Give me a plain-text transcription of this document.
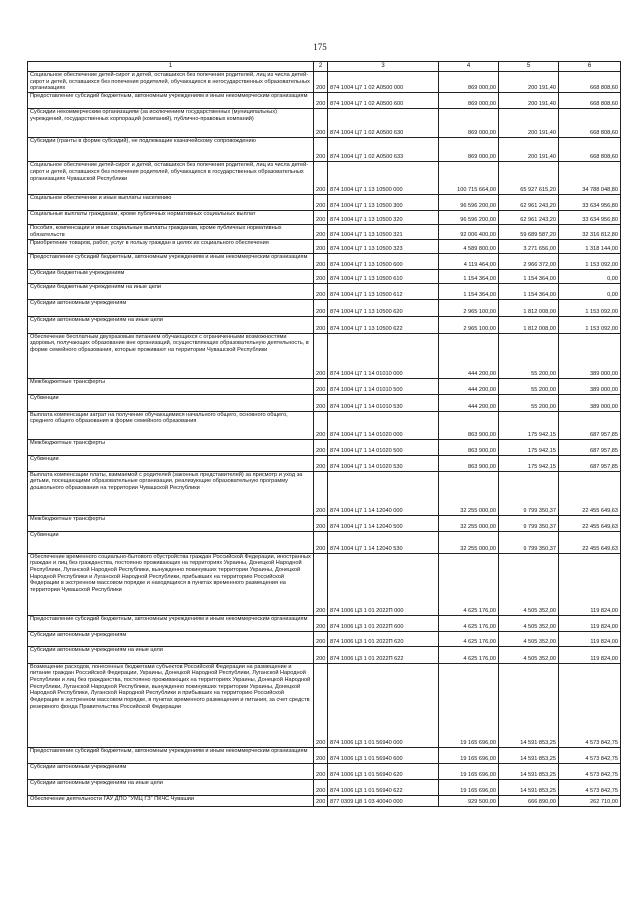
175
1	2	3	4	5	6
Социальное обеспечение детей-сирот и детей, оставшихся без попечения родителей, лиц из числа детей-сирот и детей, оставшихся без попечения родителей, обучающихся в негосударственных образовательных организациях	200	874 1004 Ц7 1 02 А0500 000	869 000,00	200 191,40	668 808,60
Предоставление субсидий бюджетным, автономным учреждениям и иным некоммерческим организациям	200	874 1004 Ц7 1 02 А0500 600	869 000,00	200 191,40	668 808,60
Субсидии некоммерческим организациям (за исключением государственных (муниципальных) учреждений, государственных корпораций (компаний), публично-правовых компаний)	200	874 1004 Ц7 1 02 А0500 630	869 000,00	200 191,40	668 808,60
Субсидии (гранты в форме субсидий), не подлежащие казначейскому сопровождению	200	874 1004 Ц7 1 02 А0500 633	869 000,00	200 191,40	668 808,60
Социальное обеспечение детей-сирот и детей, оставшихся без попечения родителей, лиц из числа детей-сирот и детей, оставшихся без попечения родителей, обучающихся в государственных образовательных организациях Чувашской Республики	200	874 1004 Ц7 1 13 10500 000	100 715 664,00	65 927 615,20	34 788 048,80
Социальное обеспечение и иные выплаты населению	200	874 1004 Ц7 1 13 10500 300	96 596 200,00	62 961 243,20	33 634 956,80
Социальные выплаты гражданам, кроме публичных нормативных социальных выплат	200	874 1004 Ц7 1 13 10500 320	96 596 200,00	62 961 243,20	33 634 956,80
Пособия, компенсации и иные социальные выплаты гражданам, кроме публичных нормативных обязательств	200	874 1004 Ц7 1 13 10500 321	92 006 400,00	59 689 587,20	32 316 812,80
Приобретение товаров, работ, услуг в пользу граждан в целях их социального обеспечения	200	874 1004 Ц7 1 13 10500 323	4 589 800,00	3 271 656,00	1 318 144,00
Предоставление субсидий бюджетным, автономным учреждениям и иным некоммерческим организациям	200	874 1004 Ц7 1 13 10500 600	4 119 464,00	2 966 372,00	1 153 092,00
Субсидии бюджетным учреждениям	200	874 1004 Ц7 1 13 10500 610	1 154 364,00	1 154 364,00	0,00
Субсидии бюджетным учреждениям на иные цели	200	874 1004 Ц7 1 13 10500 612	1 154 364,00	1 154 364,00	0,00
Субсидии автономным учреждениям	200	874 1004 Ц7 1 13 10500 620	2 965 100,00	1 812 008,00	1 153 092,00
Субсидии автономным учреждениям на иные цели	200	874 1004 Ц7 1 13 10500 622	2 965 100,00	1 812 008,00	1 153 092,00
Обеспечение бесплатным двухразовым питанием обучающихся с ограниченными возможностями здоровья, получающих образование вне организаций, осуществляющих образовательную деятельность, в форме семейного образования, которые проживают на территории Чувашской Республики	200	874 1004 Ц7 1 14 01010 000	444 200,00	55 200,00	389 000,00
Межбюджетные трансферты	200	874 1004 Ц7 1 14 01010 500	444 200,00	55 200,00	389 000,00
Субвенции	200	874 1004 Ц7 1 14 01010 530	444 200,00	55 200,00	389 000,00
Выплата компенсации затрат на получение обучающимися начального общего, основного общего, среднего общего образования в форме семейного образования	200	874 1004 Ц7 1 14 01020 000	863 900,00	175 942,15	687 957,85
Межбюджетные трансферты	200	874 1004 Ц7 1 14 01020 500	863 900,00	175 942,15	687 957,85
Субвенции	200	874 1004 Ц7 1 14 01020 530	863 900,00	175 942,15	687 957,85
Выплата компенсации платы, взимаемой с родителей (законных представителей) за присмотр и уход за детьми, посещающими образовательные организации, реализующие образовательную программу дошкольного образования на территории Чувашской Республики	200	874 1004 Ц7 1 14 12040 000	32 255 000,00	9 799 350,37	22 455 649,63
Межбюджетные трансферты	200	874 1004 Ц7 1 14 12040 500	32 255 000,00	9 799 350,37	22 455 649,63
Субвенции	200	874 1004 Ц7 1 14 12040 530	32 255 000,00	9 799 350,37	22 455 649,63
Обеспечение временного социально-бытового обустройства граждан Российской Федерации, иностранных граждан и лиц без гражданства, постоянно проживающих на территориях Украины, Донецкой Народной Республики, Луганской Народной Республики, вынужденно покинувших территории Украины, Донецкой Народной Республики и Луганской Народной Республики, прибывших на территорию Российской Федерации в экстренном массовом порядке и находящихся в пунктах временного размещения на территории Чувашской Республики	200	874 1006 Ц3 1 01 2022П 000	4 625 176,00	4 505 352,00	119 824,00
Предоставление субсидий бюджетным, автономным учреждениям и иным некоммерческим организациям	200	874 1006 Ц3 1 01 2022П 600	4 625 176,00	4 505 352,00	119 824,00
Субсидии автономным учреждениям	200	874 1006 Ц3 1 01 2022П 620	4 625 176,00	4 505 352,00	119 824,00
Субсидии автономным учреждениям на иные цели	200	874 1006 Ц3 1 01 2022П 622	4 625 176,00	4 505 352,00	119 824,00
Возмещение расходов, понесенных бюджетами субъектов Российской Федерации на размещение и питание граждан Российской Федерации, Украины, Донецкой Народной Республики, Луганской Народной Республики и лиц без гражданства, постоянно проживающих на территориях Украины, Донецкой Народной Республики, Луганской Народной Республики, вынужденно покинувших территории Украины, Донецкой Народной Республики, Луганской Народной Республики и прибывших на территорию Российской Федерации в экстренном массовом порядке, в пунктах временного размещения и питания, за счет средств резервного фонда Правительства Российской Федерации	200	874 1006 Ц3 1 01 56940 000	19 165 696,00	14 591 853,25	4 573 842,75
Предоставление субсидий бюджетным, автономным учреждениям и иным некоммерческим организациям	200	874 1006 Ц3 1 01 56940 600	19 165 696,00	14 591 853,25	4 573 842,75
Субсидии автономным учреждениям	200	874 1006 Ц3 1 01 56940 620	19 165 696,00	14 591 853,25	4 573 842,75
Субсидии автономным учреждениям на иные цели	200	874 1006 Ц3 1 01 56940 622	19 165 696,00	14 591 853,25	4 573 842,75
Обеспечение деятельности ГАУ ДПО "УМЦ ГЗ" ПКЧС Чувашии	200	877 0309 Ц8 1 03 40040 000	929 500,00	666 890,00	262 710,00
